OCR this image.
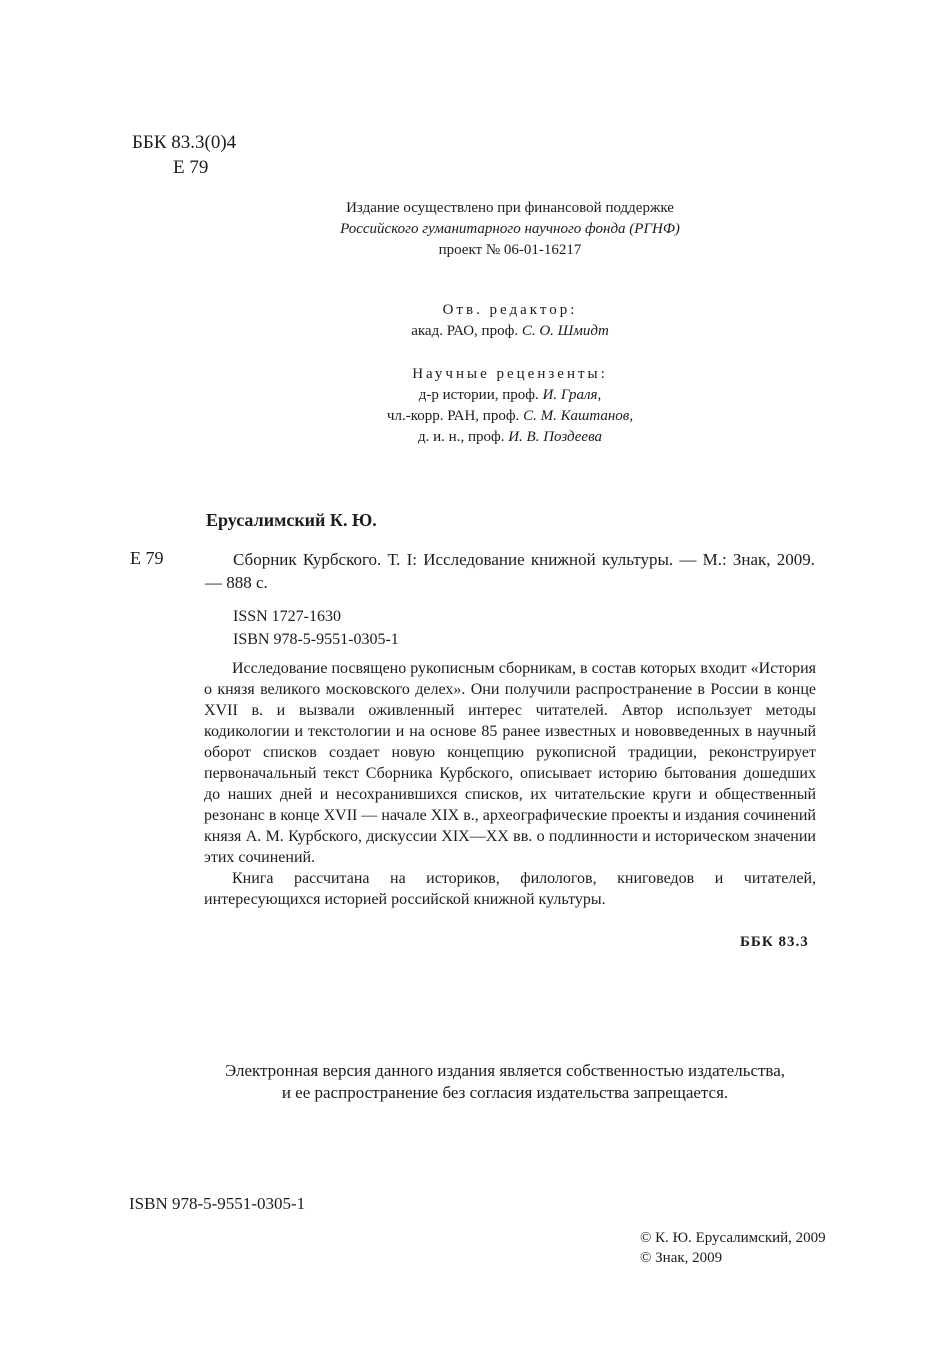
ББК 83.3(0)4
Е 79
Издание осуществлено при финансовой поддержке
Российского гуманитарного научного фонда (РГНФ)
проект № 06-01-16217
Отв. редактор:
акад. РАО, проф. С. О. Шмидт
Научные рецензенты:
д-р истории, проф. И. Граля,
чл.-корр. РАН, проф. С. М. Каштанов,
д. и. н., проф. И. В. Поздеева
Ерусалимский К. Ю.
Е 79	Сборник Курбского. Т. I: Исследование книжной культуры. — М.: Знак, 2009. — 888 с.
ISSN 1727-1630
ISBN 978-5-9551-0305-1

Исследование посвящено рукописным сборникам, в состав которых входит «История о князя великого московского делех». Они получили распространение в России в конце XVII в. и вызвали оживленный интерес читателей. Автор использует методы кодикологии и текстологии и на основе 85 ранее известных и нововведенных в научный оборот списков создает новую концепцию рукописной традиции, реконструирует первоначальный текст Сборника Курбского, описывает историю бытования дошедших до наших дней и несохранившихся списков, их читательские круги и общественный резонанс в конце XVII — начале XIX в., археографические проекты и издания сочинений князя А. М. Курбского, дискуссии XIX—XX вв. о подлинности и историческом значении этих сочинений.

Книга рассчитана на историков, филологов, книговедов и читателей, интересующихся историей российской книжной культуры.

ББК 83.3
Электронная версия данного издания является собственностью издательства,
и ее распространение без согласия издательства запрещается.
ISBN 978-5-9551-0305-1
© К. Ю. Ерусалимский, 2009
© Знак, 2009
